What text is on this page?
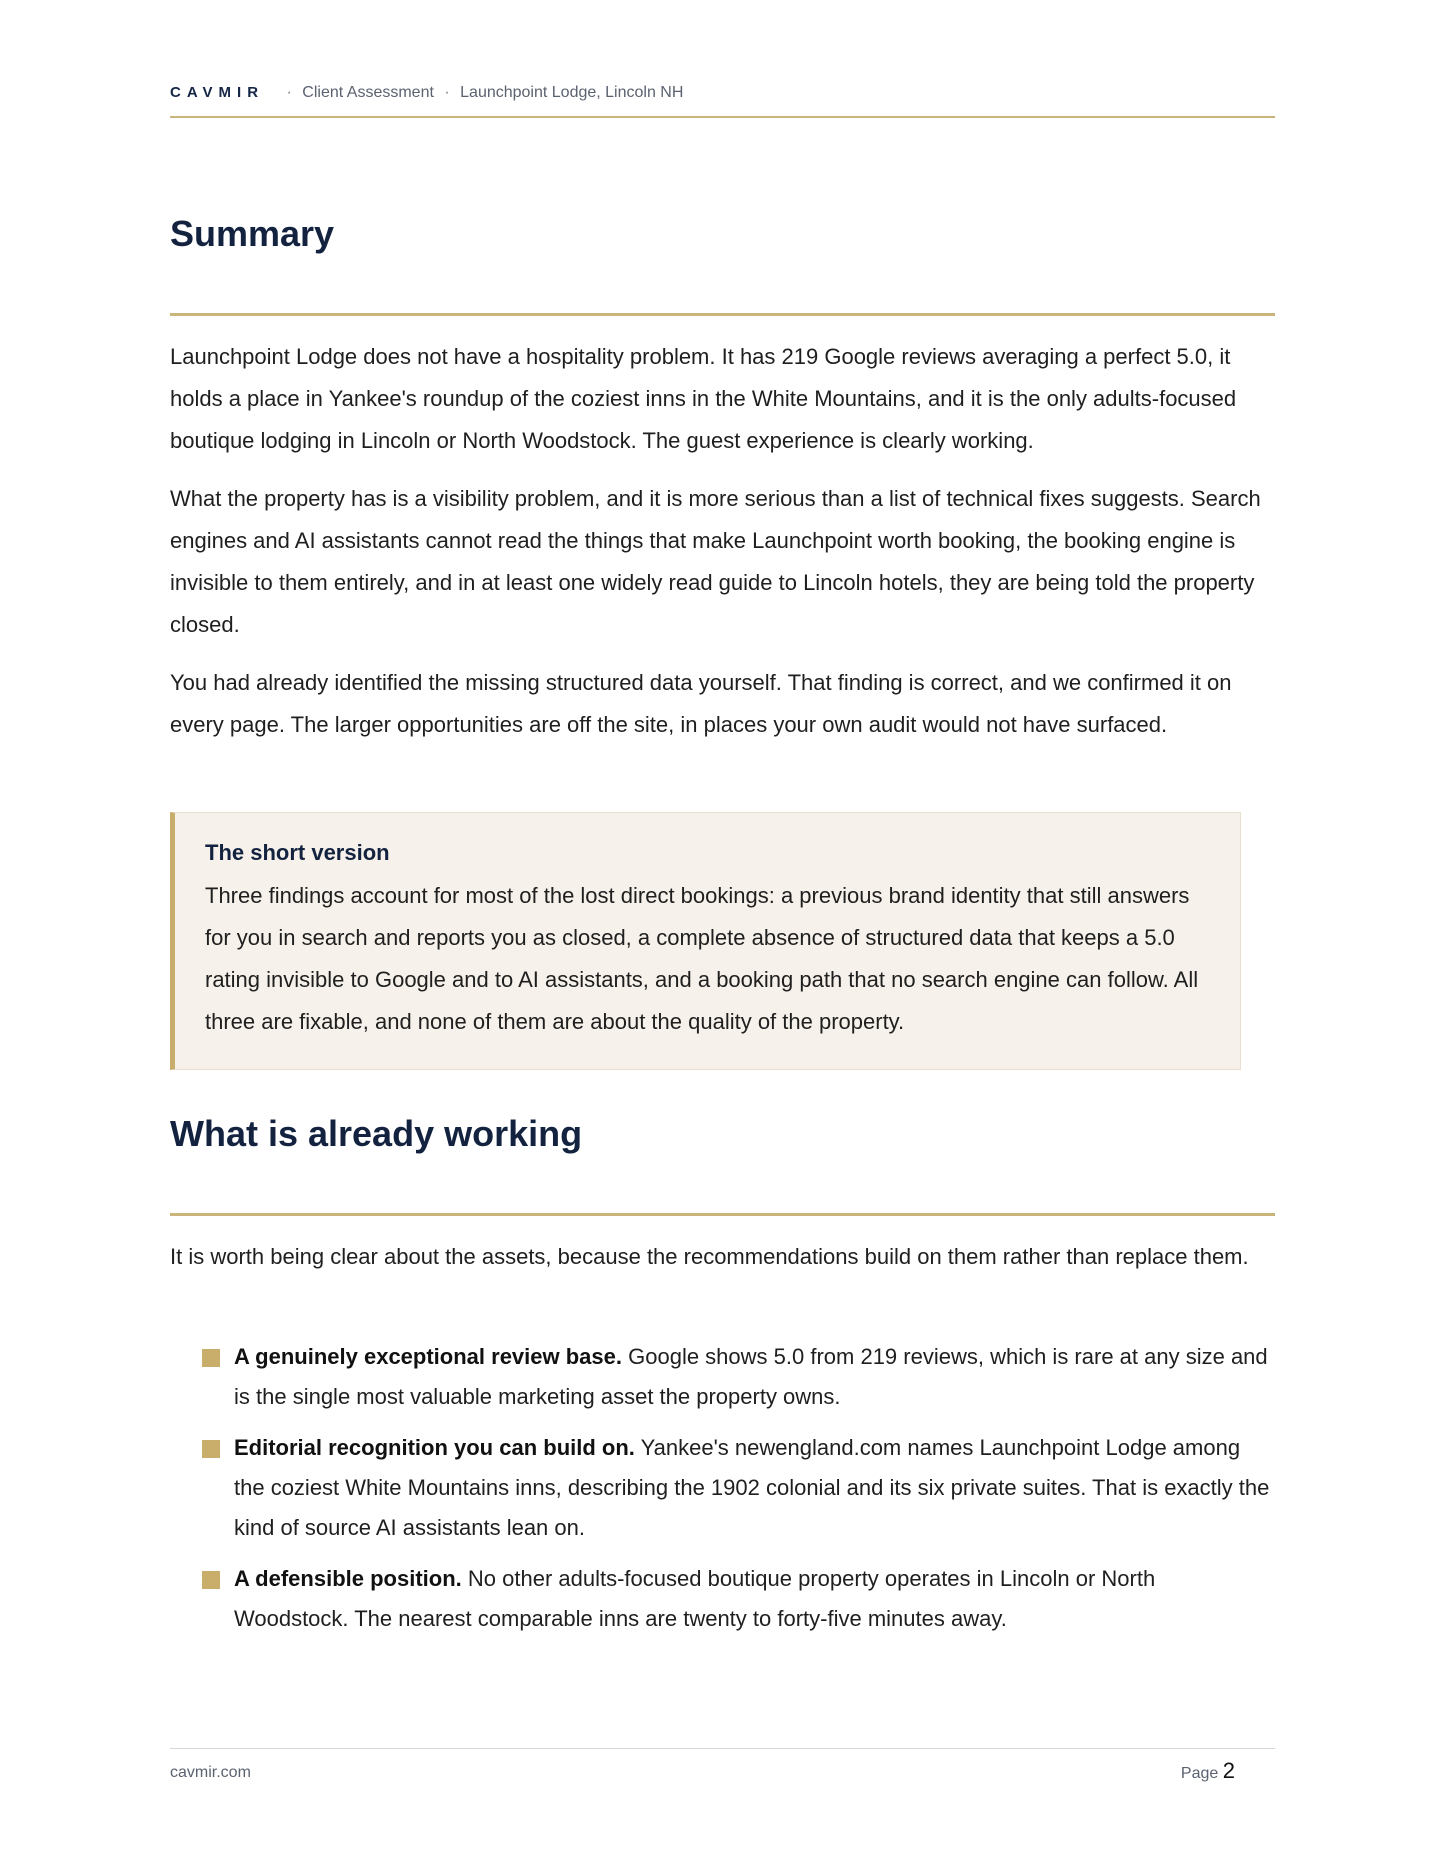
CAVMIR · Client Assessment · Launchpoint Lodge, Lincoln NH
Summary

Launchpoint Lodge does not have a hospitality problem. It has 219 Google reviews averaging a perfect 5.0, it holds a place in Yankee's roundup of the coziest inns in the White Mountains, and it is the only adults-focused boutique lodging in Lincoln or North Woodstock. The guest experience is clearly working.

What the property has is a visibility problem, and it is more serious than a list of technical fixes suggests. Search engines and AI assistants cannot read the things that make Launchpoint worth booking, the booking engine is invisible to them entirely, and in at least one widely read guide to Lincoln hotels, they are being told the property closed.

You had already identified the missing structured data yourself. That finding is correct, and we confirmed it on every page. The larger opportunities are off the site, in places your own audit would not have surfaced.

The short version

Three findings account for most of the lost direct bookings: a previous brand identity that still answers for you in search and reports you as closed, a complete absence of structured data that keeps a 5.0 rating invisible to Google and to AI assistants, and a booking path that no search engine can follow. All three are fixable, and none of them are about the quality of the property.

What is already working

It is worth being clear about the assets, because the recommendations build on them rather than replace them.

A genuinely exceptional review base. Google shows 5.0 from 219 reviews, which is rare at any size and is the single most valuable marketing asset the property owns.
Editorial recognition you can build on. Yankee's newengland.com names Launchpoint Lodge among the coziest White Mountains inns, describing the 1902 colonial and its six private suites. That is exactly the kind of source AI assistants lean on.
A defensible position. No other adults-focused boutique property operates in Lincoln or North Woodstock. The nearest comparable inns are twenty to forty-five minutes away.
cavmir.com	Page 2
